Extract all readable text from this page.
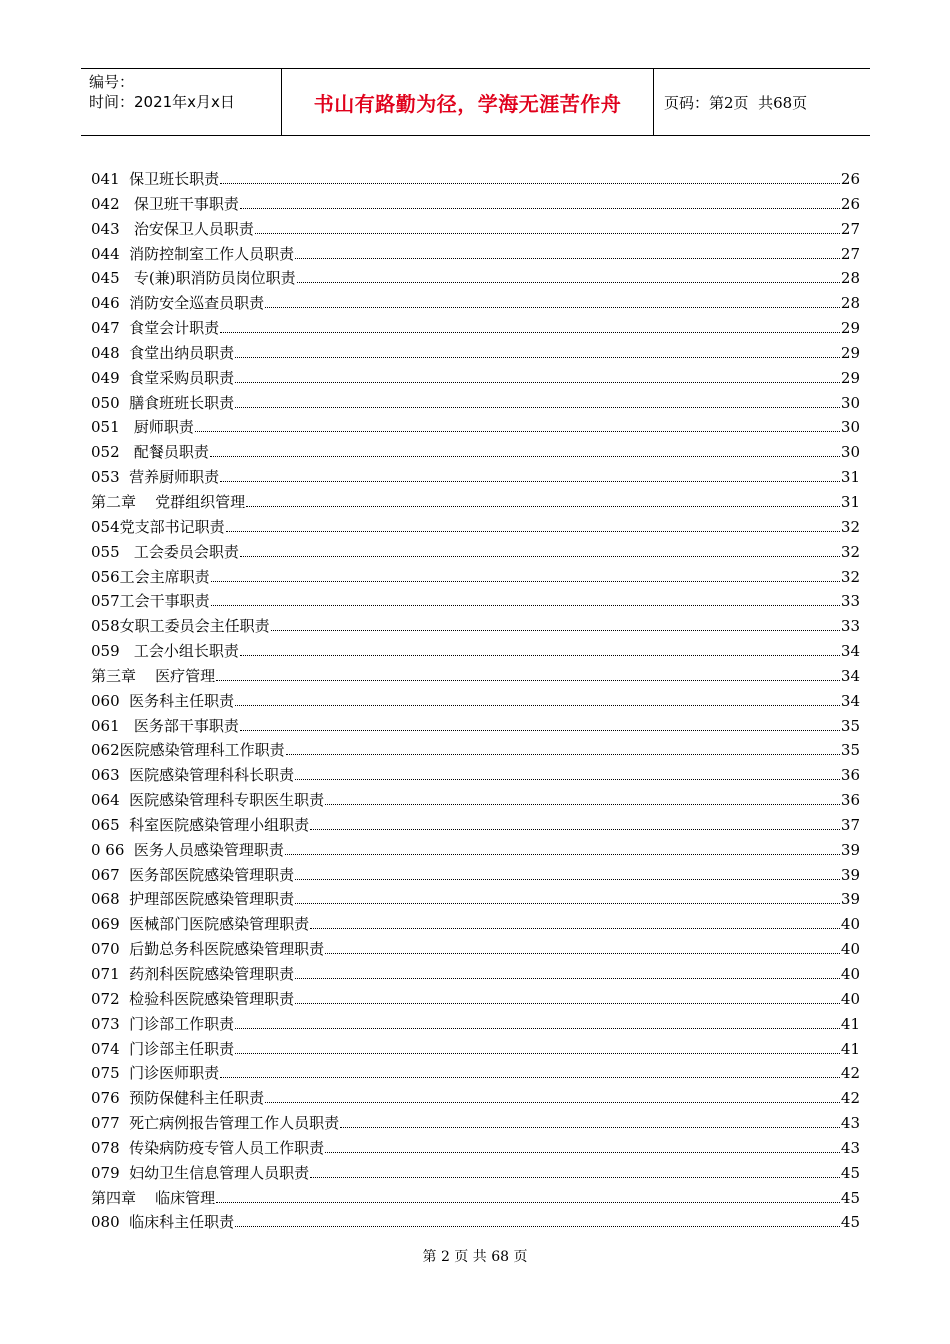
编号：
时间：2021年x月x日	书山有路勤为径，学海无涯苦作舟	页码：第2页  共68页
041  保卫班长职责	26
042   保卫班干事职责	26
043   治安保卫人员职责	27
044  消防控制室工作人员职责	27
045   专(兼)职消防员岗位职责	28
046  消防安全巡查员职责	28
047  食堂会计职责	29
048  食堂出纳员职责	29
049  食堂采购员职责	29
050  膳食班班长职责	30
051   厨师职责	30
052   配餐员职责	30
053  营养厨师职责	31
第二章    党群组织管理	31
054党支部书记职责	32
055   工会委员会职责	32
056工会主席职责	32
057工会干事职责	33
058女职工委员会主任职责	33
059   工会小组长职责	34
第三章    医疗管理	34
060  医务科主任职责	34
061   医务部干事职责	35
062医院感染管理科工作职责	35
063  医院感染管理科科长职责	36
064  医院感染管理科专职医生职责	36
065  科室医院感染管理小组职责	37
0 66  医务人员感染管理职责	39
067  医务部医院感染管理职责	39
068  护理部医院感染管理职责	39
069  医械部门医院感染管理职责	40
070  后勤总务科医院感染管理职责	40
071  药剂科医院感染管理职责	40
072  检验科医院感染管理职责	40
073  门诊部工作职责	41
074  门诊部主任职责	41
075  门诊医师职责	42
076  预防保健科主任职责	42
077  死亡病例报告管理工作人员职责	43
078  传染病防疫专管人员工作职责	43
079  妇幼卫生信息管理人员职责	45
第四章    临床管理	45
080  临床科主任职责	45
第 2 页 共 68 页
